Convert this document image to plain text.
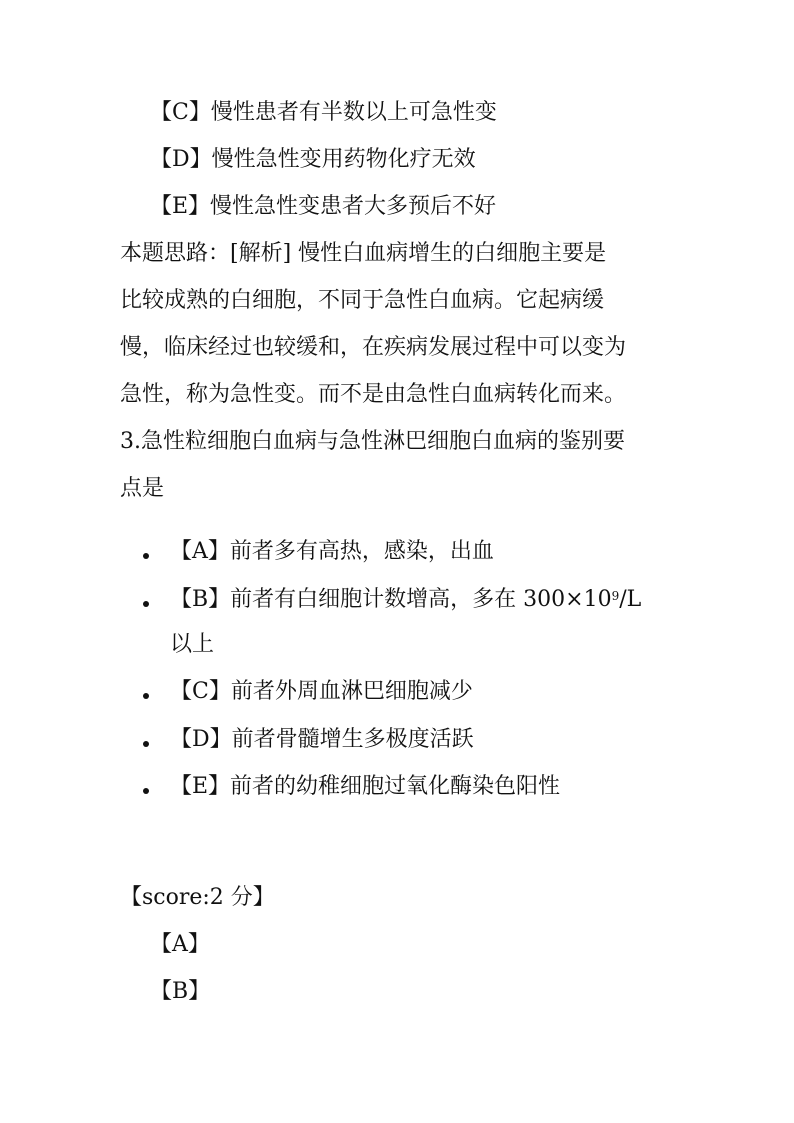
【C】慢性患者有半数以上可急性变
【D】慢性急性变用药物化疗无效
【E】慢性急性变患者大多预后不好
本题思路：[解析] 慢性白血病增生的白细胞主要是
比较成熟的白细胞，不同于急性白血病。它起病缓
慢，临床经过也较缓和，在疾病发展过程中可以变为
急性，称为急性变。而不是由急性白血病转化而来。
3.急性粒细胞白血病与急性淋巴细胞白血病的鉴别要
点是
【A】前者多有高热，感染，出血
【B】前者有白细胞计数增高，多在 $300\times 10^9/L$
以上
【C】前者外周血淋巴细胞减少
【D】前者骨髓增生多极度活跃
【E】前者的幼稚细胞过氧化酶染色阳性
【score:2 分】
【A】
【B】
